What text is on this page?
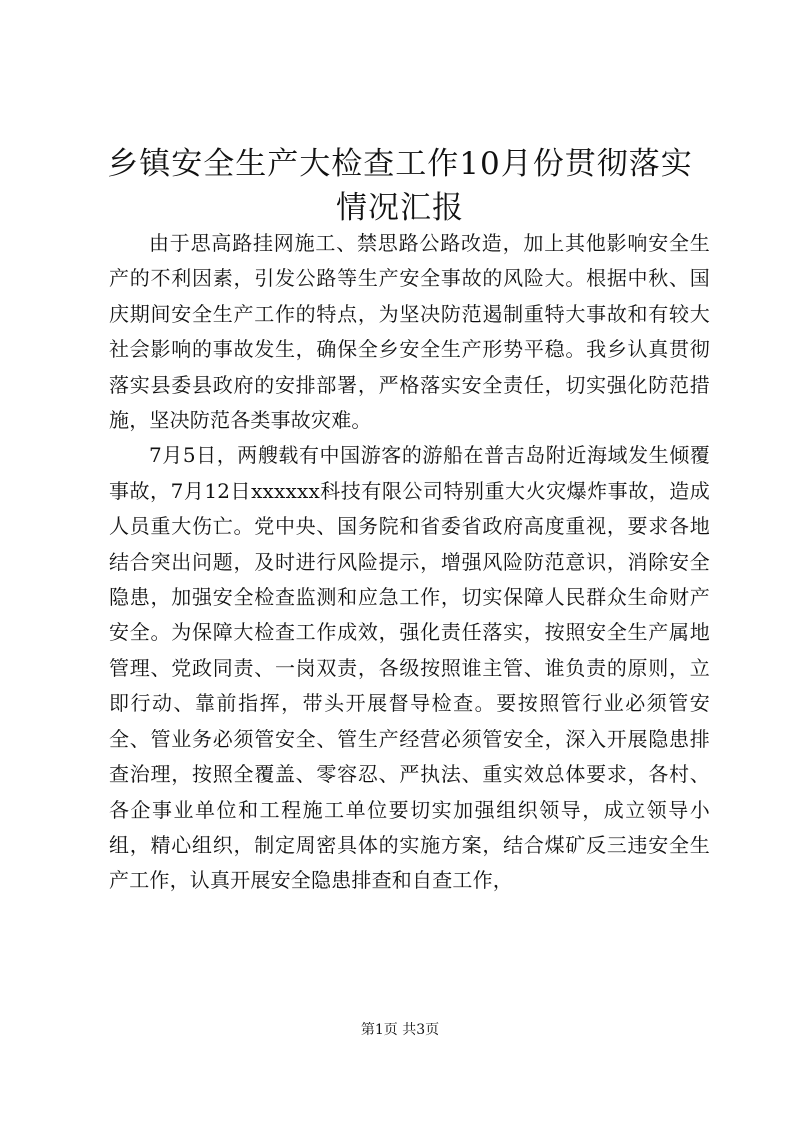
乡镇安全生产大检查工作10月份贯彻落实情况汇报

由于思高路挂网施工、禁思路公路改造，加上其他影响安全生产的不利因素，引发公路等生产安全事故的风险大。根据中秋、国庆期间安全生产工作的特点，为坚决防范遏制重特大事故和有较大社会影响的事故发生，确保全乡安全生产形势平稳。我乡认真贯彻落实县委县政府的安排部署，严格落实安全责任，切实强化防范措施，坚决防范各类事故灾难。

7月5日，两艘载有中国游客的游船在普吉岛附近海域发生倾覆事故，7月12日xxxxxx科技有限公司特别重大火灾爆炸事故，造成人员重大伤亡。党中央、国务院和省委省政府高度重视，要求各地结合突出问题，及时进行风险提示，增强风险防范意识，消除安全隐患，加强安全检查监测和应急工作，切实保障人民群众生命财产安全。为保障大检查工作成效，强化责任落实，按照安全生产属地管理、党政同责、一岗双责，各级按照谁主管、谁负责的原则，立即行动、靠前指挥，带头开展督导检查。要按照管行业必须管安全、管业务必须管安全、管生产经营必须管安全，深入开展隐患排查治理，按照全覆盖、零容忍、严执法、重实效总体要求，各村、各企事业单位和工程施工单位要切实加强组织领导，成立领导小组，精心组织，制定周密具体的实施方案，结合煤矿反三违安全生产工作，认真开展安全隐患排查和自查工作，

第1页 共3页
